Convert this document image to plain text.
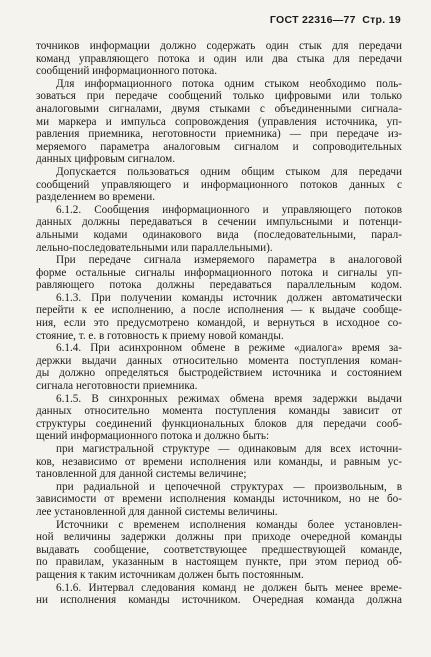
ГОСТ 22316—77 Стр. 19
точников информации должно содержать один стык для передачи
команд управляющего потока и один или два стыка для передачи
сообщений информационного потока.
Для информационного потока одним стыком необходимо поль-
зоваться при передаче сообщений только цифровыми или только
аналоговыми сигналами, двумя стыками с объединенными сигнала-
ми маркера и импульса сопровождения (управления источника, уп-
равления приемника, неготовности приемника) — при передаче из-
меряемого параметра аналоговым сигналом и сопроводительных
данных цифровым сигналом.
Допускается пользоваться одним общим стыком для передачи
сообщений управляющего и информационного потоков данных с
разделением во времени.
6.1.2. Сообщения информационного и управляющего потоков
данных должны передаваться в сечении импульсными и потенци-
альными кодами одинакового вида (последовательными, парал-
лельно-последовательными или параллельными).
При передаче сигнала измеряемого параметра в аналоговой
форме остальные сигналы информационного потока и сигналы уп-
равляющего потока должны передаваться параллельным кодом.
6.1.3. При получении команды источник должен автоматически
перейти к ее исполнению, а после исполнения — к выдаче сообще-
ния, если это предусмотрено командой, и вернуться в исходное со-
стояние, т. е. в готовность к приему новой команды.
6.1.4. При асинхронном обмене в режиме «диалога» время за-
держки выдачи данных относительно момента поступления коман-
ды должно определяться быстродействием источника и состоянием
сигнала неготовности приемника.
6.1.5. В синхронных режимах обмена время задержки выдачи
данных относительно момента поступления команды зависит от
структуры соединений функциональных блоков для передачи сооб-
щений информационного потока и должно быть:
при магистральной структуре — одинаковым для всех источни-
ков, независимо от времени исполнения или команды, и равным ус-
тановленной для данной системы величине;
при радиальной и цепочечной структурах — произвольным, в
зависимости от времени исполнения команды источником, но не бо-
лее установленной для данной системы величины.
Источники с временем исполнения команды более установлен-
ной величины задержки должны при приходе очередной команды
выдавать сообщение, соответствующее предшествующей команде,
по правилам, указанным в настоящем пункте, при этом период об-
ращения к таким источникам должен быть постоянным.
6.1.6. Интервал следования команд не должен быть менее време-
ни исполнения команды источником. Очередная команда должна
